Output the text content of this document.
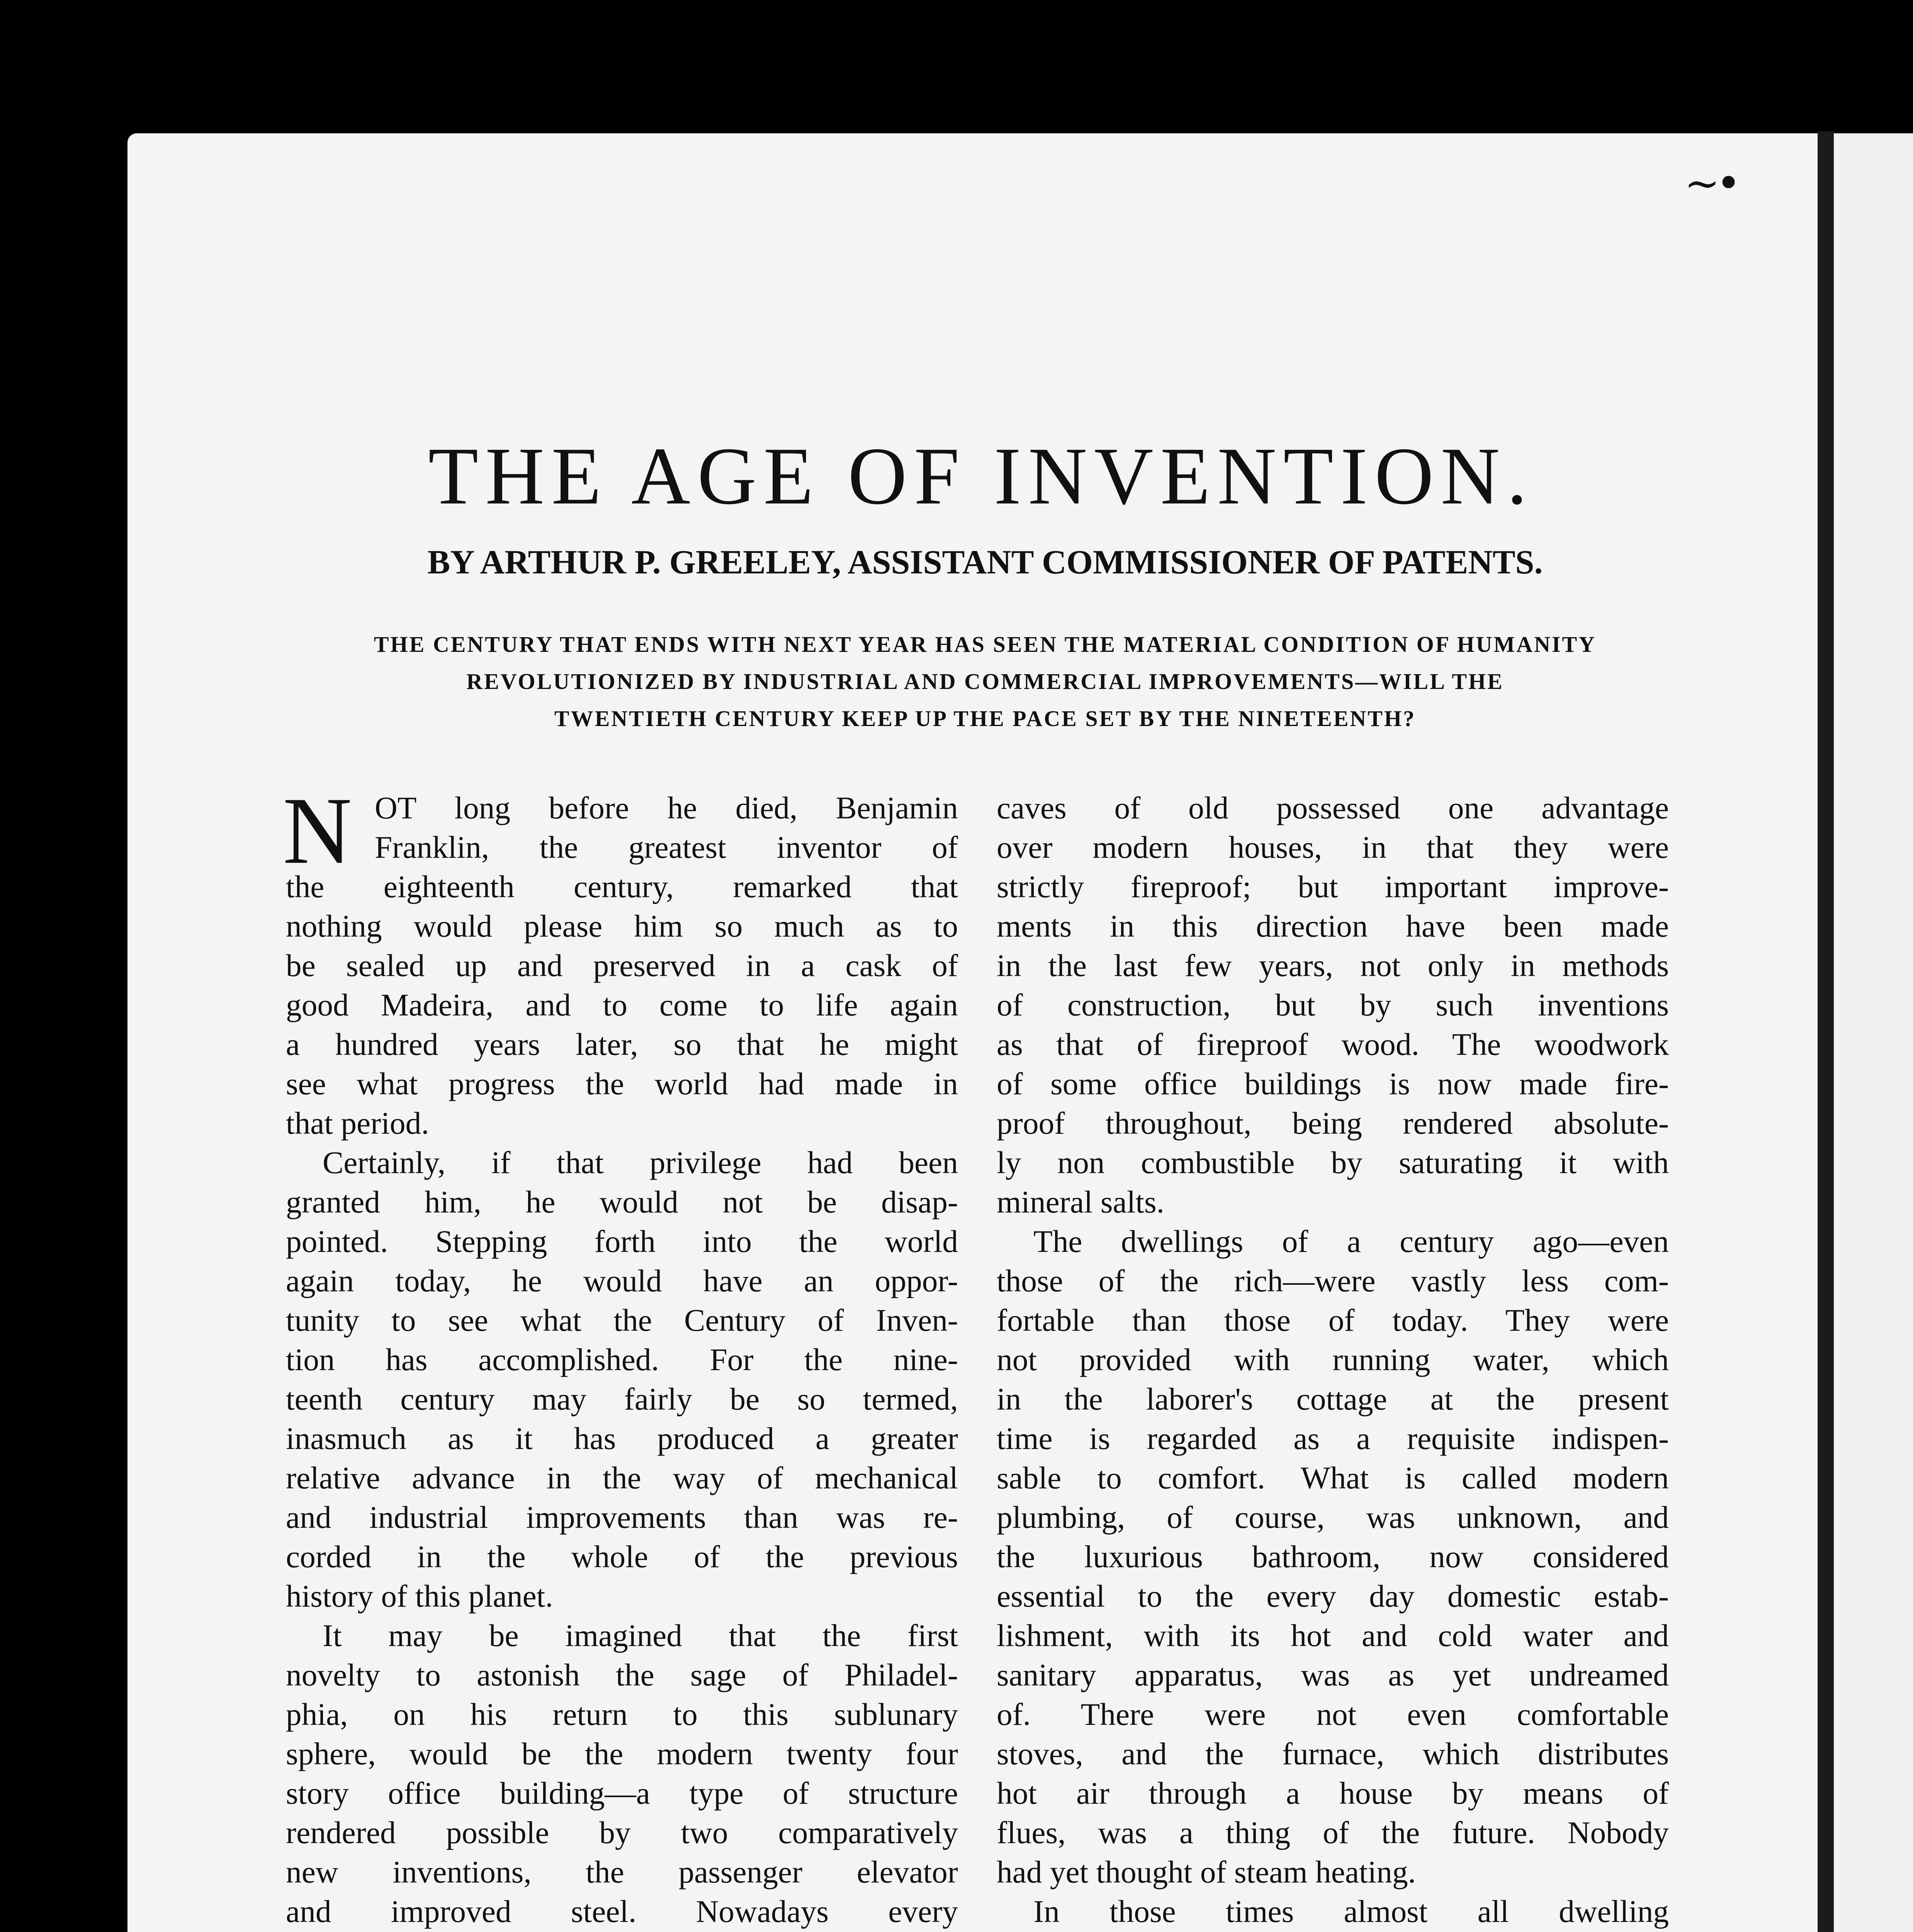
~•
THE AGE OF INVENTION.
BY ARTHUR P. GREELEY, ASSISTANT COMMISSIONER OF PATENTS.
THE CENTURY THAT ENDS WITH NEXT YEAR HAS SEEN THE MATERIAL CONDITION OF HUMANITY
REVOLUTIONIZED BY INDUSTRIAL AND COMMERCIAL IMPROVEMENTS—WILL THE
TWENTIETH CENTURY KEEP UP THE PACE SET BY THE NINETEENTH?
N OT long before he died, Benjamin
Franklin, the greatest inventor of
the eighteenth century, remarked that
nothing would please him so much as to
be sealed up and preserved in a cask of
good Madeira, and to come to life again
a hundred years later, so that he might
see what progress the world had made in
that period.
Certainly, if that privilege had been
granted him, he would not be disap-
pointed. Stepping forth into the world
again today, he would have an oppor-
tunity to see what the Century of Inven-
tion has accomplished. For the nine-
teenth century may fairly be so termed,
inasmuch as it has produced a greater
relative advance in the way of mechanical
and industrial improvements than was re-
corded in the whole of the previous
history of this planet.
It may be imagined that the first
novelty to astonish the sage of Philadel-
phia, on his return to this sublunary
sphere, would be the modern twenty four
story office building—a type of structure
rendered possible by two comparatively
new inventions, the passenger elevator
and improved steel. Nowadays every
caves of old possessed one advantage
over modern houses, in that they were
strictly fireproof; but important improve-
ments in this direction have been made
in the last few years, not only in methods
of construction, but by such inventions
as that of fireproof wood. The woodwork
of some office buildings is now made fire-
proof throughout, being rendered absolute-
ly non combustible by saturating it with
mineral salts.
The dwellings of a century ago—even
those of the rich—were vastly less com-
fortable than those of today. They were
not provided with running water, which
in the laborer's cottage at the present
time is regarded as a requisite indispen-
sable to comfort. What is called modern
plumbing, of course, was unknown, and
the luxurious bathroom, now considered
essential to the every day domestic estab-
lishment, with its hot and cold water and
sanitary apparatus, was as yet undreamed
of. There were not even comfortable
stoves, and the furnace, which distributes
hot air through a house by means of
flues, was a thing of the future. Nobody
had yet thought of steam heating.
In those times almost all dwelling
